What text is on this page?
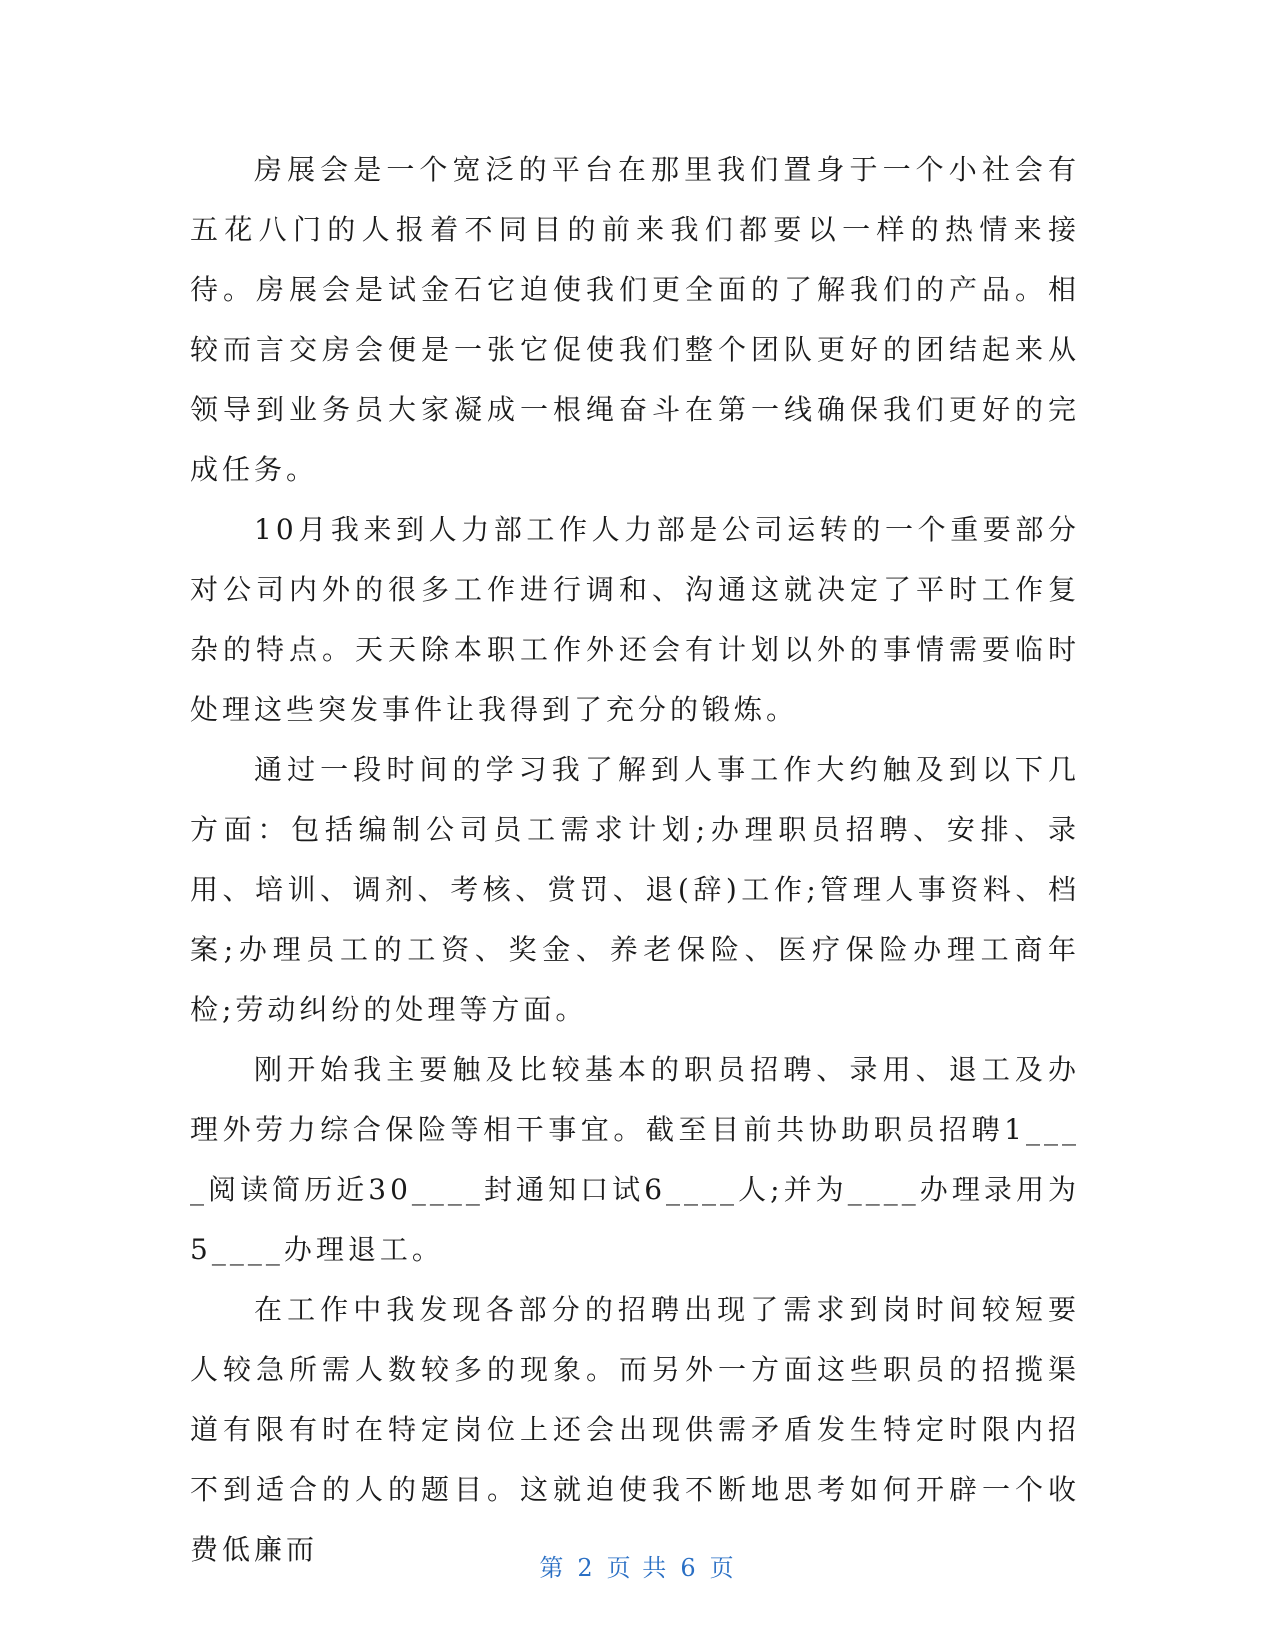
房展会是一个宽泛的平台在那里我们置身于一个小社会有五花八门的人报着不同目的前来我们都要以一样的热情来接待。房展会是试金石它迫使我们更全面的了解我们的产品。相较而言交房会便是一张它促使我们整个团队更好的团结起来从领导到业务员大家凝成一根绳奋斗在第一线确保我们更好的完成任务。

10月我来到人力部工作人力部是公司运转的一个重要部分对公司内外的很多工作进行调和、沟通这就决定了平时工作复杂的特点。天天除本职工作外还会有计划以外的事情需要临时处理这些突发事件让我得到了充分的锻炼。

通过一段时间的学习我了解到人事工作大约触及到以下几方面：包括编制公司员工需求计划;办理职员招聘、安排、录用、培训、调剂、考核、赏罚、退(辞)工作;管理人事资料、档案;办理员工的工资、奖金、养老保险、医疗保险办理工商年检;劳动纠纷的处理等方面。

刚开始我主要触及比较基本的职员招聘、录用、退工及办理外劳力综合保险等相干事宜。截至目前共协助职员招聘1____阅读简历近30____封通知口试6____人;并为____办理录用为5____办理退工。

在工作中我发现各部分的招聘出现了需求到岗时间较短要人较急所需人数较多的现象。而另外一方面这些职员的招揽渠道有限有时在特定岗位上还会出现供需矛盾发生特定时限内招不到适合的人的题目。这就迫使我不断地思考如何开辟一个收费低廉而

第 2 页 共 6 页
